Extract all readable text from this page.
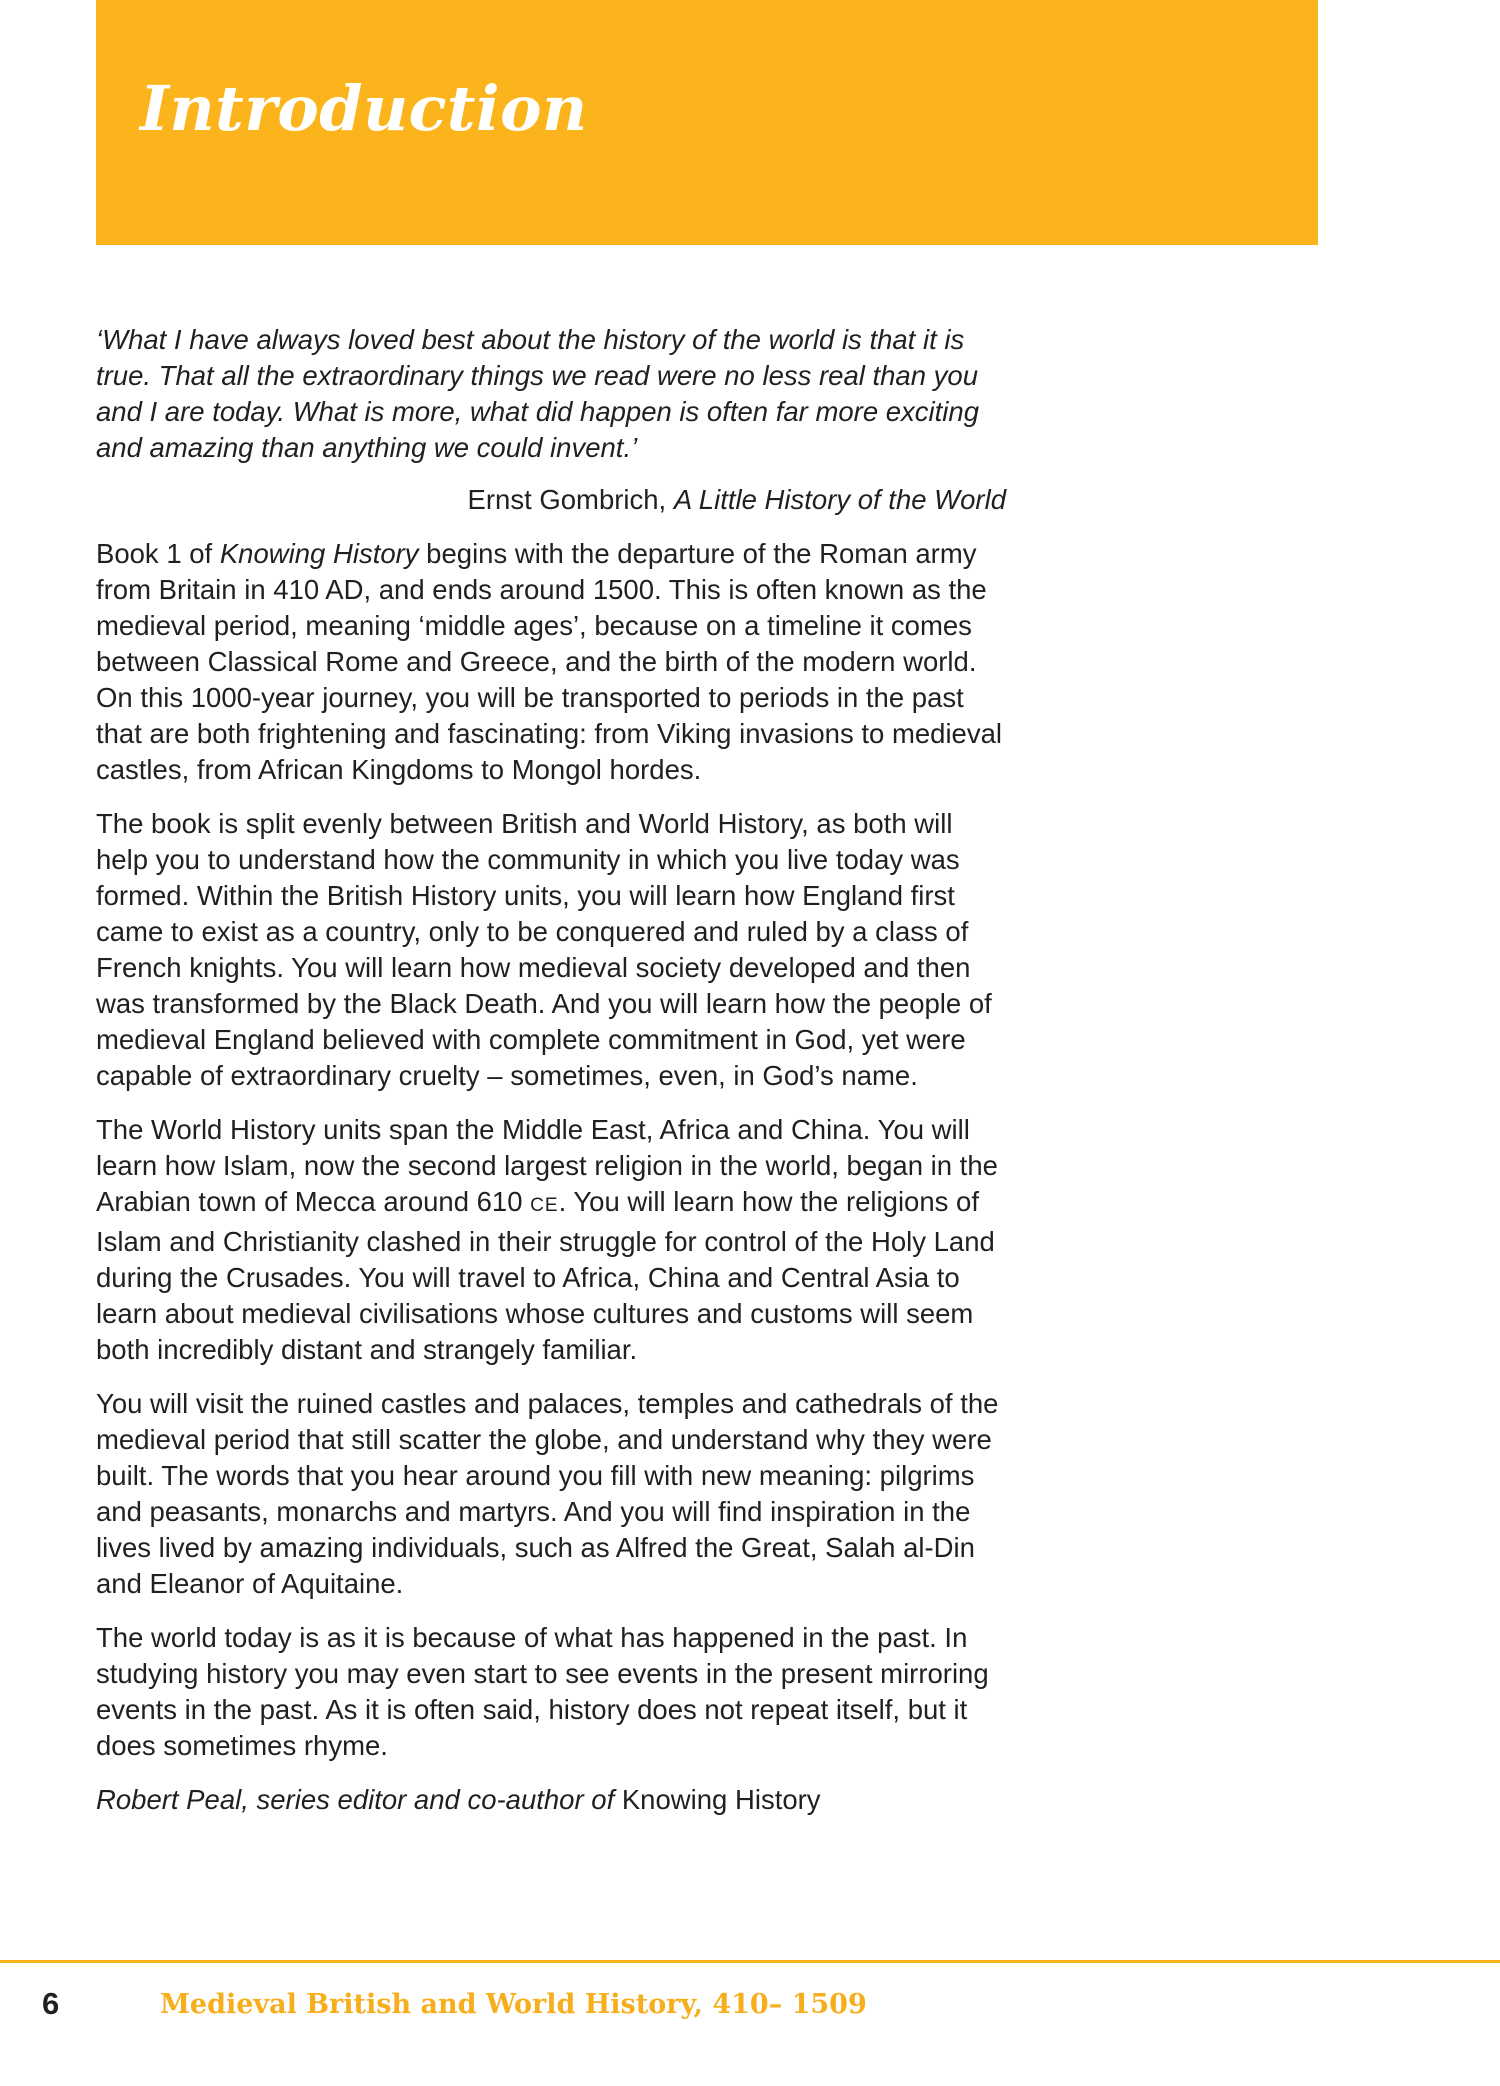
Introduction

‘What I have always loved best about the history of the world is that it is true. That all the extraordinary things we read were no less real than you and I are today. What is more, what did happen is often far more exciting and amazing than anything we could invent.’

Ernst Gombrich, A Little History of the World

Book 1 of Knowing History begins with the departure of the Roman army from Britain in 410 AD, and ends around 1500. This is often known as the medieval period, meaning ‘middle ages’, because on a timeline it comes between Classical Rome and Greece, and the birth of the modern world. On this 1000-year journey, you will be transported to periods in the past that are both frightening and fascinating: from Viking invasions to medieval castles, from African Kingdoms to Mongol hordes.

The book is split evenly between British and World History, as both will help you to understand how the community in which you live today was formed. Within the British History units, you will learn how England first came to exist as a country, only to be conquered and ruled by a class of French knights. You will learn how medieval society developed and then was transformed by the Black Death. And you will learn how the people of medieval England believed with complete commitment in God, yet were capable of extraordinary cruelty – sometimes, even, in God’s name.

The World History units span the Middle East, Africa and China. You will learn how Islam, now the second largest religion in the world, began in the Arabian town of Mecca around 610 CE. You will learn how the religions of Islam and Christianity clashed in their struggle for control of the Holy Land during the Crusades. You will travel to Africa, China and Central Asia to learn about medieval civilisations whose cultures and customs will seem both incredibly distant and strangely familiar.

You will visit the ruined castles and palaces, temples and cathedrals of the medieval period that still scatter the globe, and understand why they were built. The words that you hear around you fill with new meaning: pilgrims and peasants, monarchs and martyrs. And you will find inspiration in the lives lived by amazing individuals, such as Alfred the Great, Salah al-Din and Eleanor of Aquitaine.

The world today is as it is because of what has happened in the past. In studying history you may even start to see events in the present mirroring events in the past. As it is often said, history does not repeat itself, but it does sometimes rhyme.

Robert Peal, series editor and co-author of Knowing History

6	Medieval British and World History, 410– 1509
